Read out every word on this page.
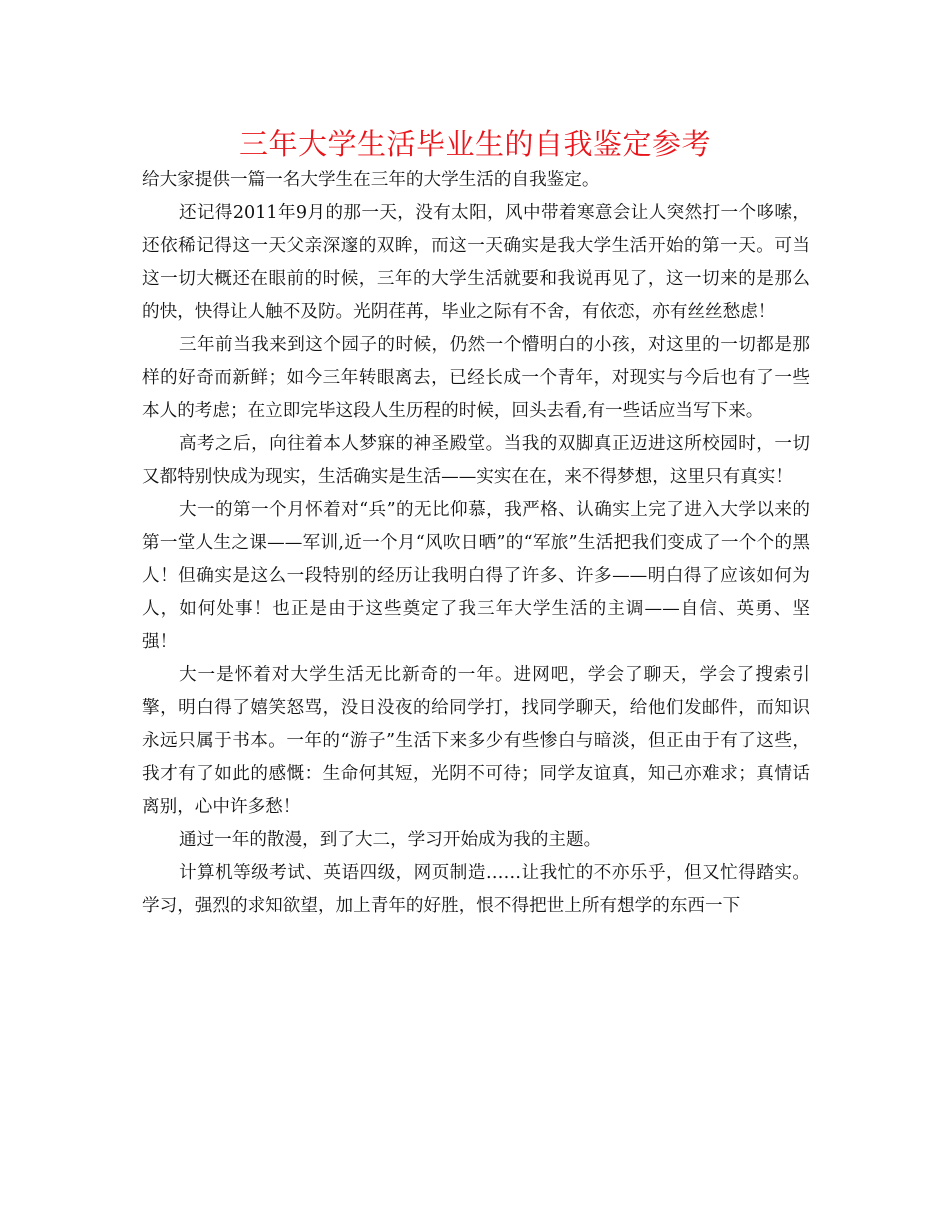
三年大学生活毕业生的自我鉴定参考

给大家提供一篇一名大学生在三年的大学生活的自我鉴定。

还记得2011年9月的那一天，没有太阳，风中带着寒意会让人突然打一个哆嗦，还依稀记得这一天父亲深邃的双眸，而这一天确实是我大学生活开始的第一天。可当这一切大概还在眼前的时候，三年的大学生活就要和我说再见了，这一切来的是那么的快，快得让人触不及防。光阴荏苒，毕业之际有不舍，有依恋，亦有丝丝愁虑！

三年前当我来到这个园子的时候，仍然一个懵明白的小孩，对这里的一切都是那样的好奇而新鲜；如今三年转眼离去，已经长成一个青年，对现实与今后也有了一些本人的考虑；在立即完毕这段人生历程的时候，回头去看,有一些话应当写下来。

高考之后，向往着本人梦寐的神圣殿堂。当我的双脚真正迈进这所校园时，一切又都特别快成为现实，生活确实是生活——实实在在，来不得梦想，这里只有真实！

大一的第一个月怀着对“兵”的无比仰慕，我严格、认确实上完了进入大学以来的第一堂人生之课——军训,近一个月“风吹日晒”的“军旅”生活把我们变成了一个个的黑人！但确实是这么一段特别的经历让我明白得了许多、许多——明白得了应该如何为人，如何处事！也正是由于这些奠定了我三年大学生活的主调——自信、英勇、坚强！

大一是怀着对大学生活无比新奇的一年。进网吧，学会了聊天，学会了搜索引擎，明白得了嬉笑怒骂，没日没夜的给同学打，找同学聊天，给他们发邮件，而知识永远只属于书本。一年的“游子”生活下来多少有些惨白与暗淡，但正由于有了这些，我才有了如此的感慨：生命何其短，光阴不可待；同学友谊真，知己亦难求；真情话离别，心中许多愁！

通过一年的散漫，到了大二，学习开始成为我的主题。

计算机等级考试、英语四级，网页制造……让我忙的不亦乐乎，但又忙得踏实。学习，强烈的求知欲望，加上青年的好胜，恨不得把世上所有想学的东西一下
